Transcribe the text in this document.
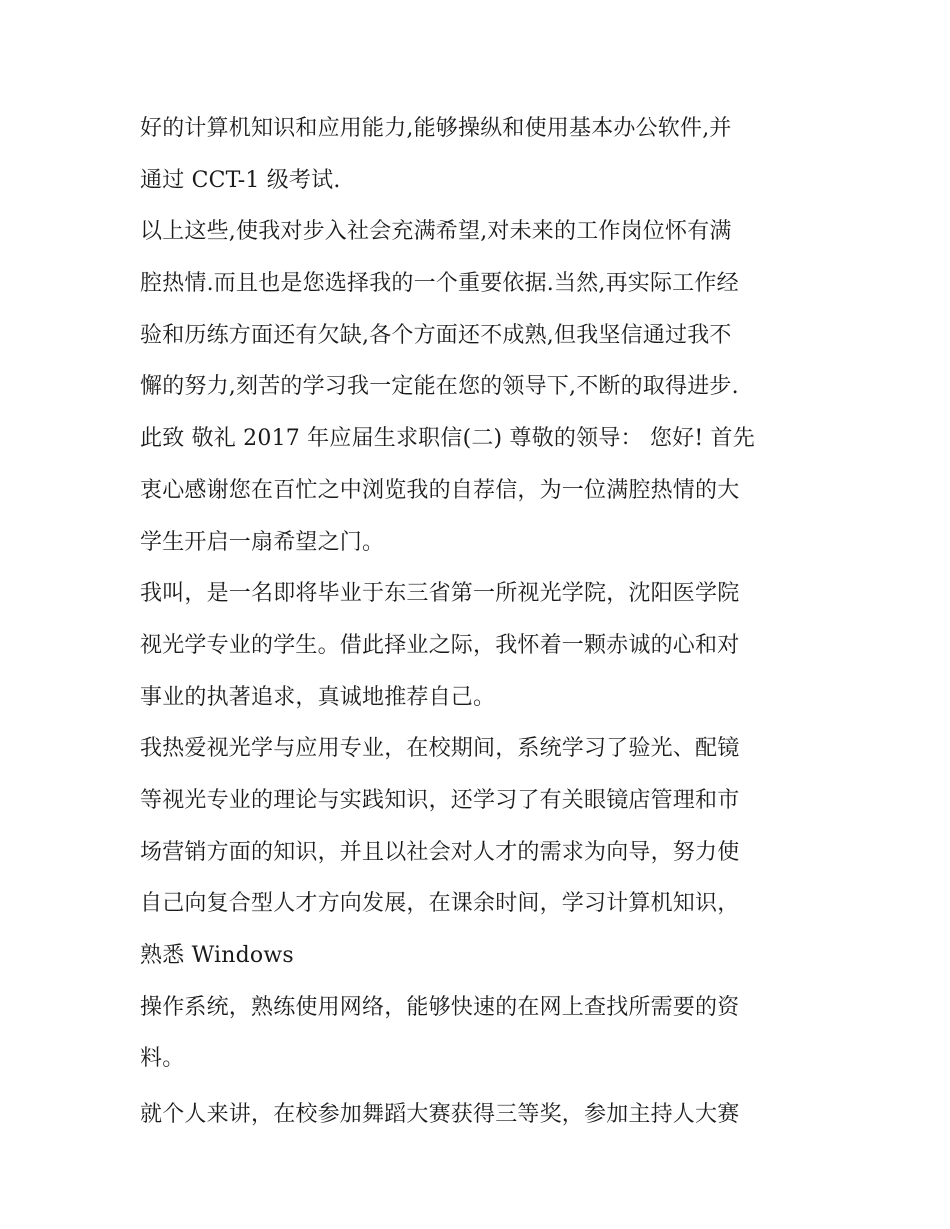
好的计算机知识和应用能力,能够操纵和使用基本办公软件,并
通过 CCT-1 级考试.
以上这些,使我对步入社会充满希望,对未来的工作岗位怀有满
腔热情.而且也是您选择我的一个重要依据.当然,再实际工作经
验和历练方面还有欠缺,各个方面还不成熟,但我坚信通过我不
懈的努力,刻苦的学习我一定能在您的领导下,不断的取得进步.
此致 敬礼 2017 年应届生求职信(二) 尊敬的领导： 您好! 首先
衷心感谢您在百忙之中浏览我的自荐信，为一位满腔热情的大
学生开启一扇希望之门。
我叫，是一名即将毕业于东三省第一所视光学院，沈阳医学院
视光学专业的学生。借此择业之际，我怀着一颗赤诚的心和对
事业的执著追求，真诚地推荐自己。
我热爱视光学与应用专业，在校期间，系统学习了验光、配镜
等视光专业的理论与实践知识，还学习了有关眼镜店管理和市
场营销方面的知识，并且以社会对人才的需求为向导，努力使
自己向复合型人才方向发展，在课余时间，学习计算机知识，
熟悉 Windows
操作系统，熟练使用网络，能够快速的在网上查找所需要的资
料。
就个人来讲，在校参加舞蹈大赛获得三等奖，参加主持人大赛
